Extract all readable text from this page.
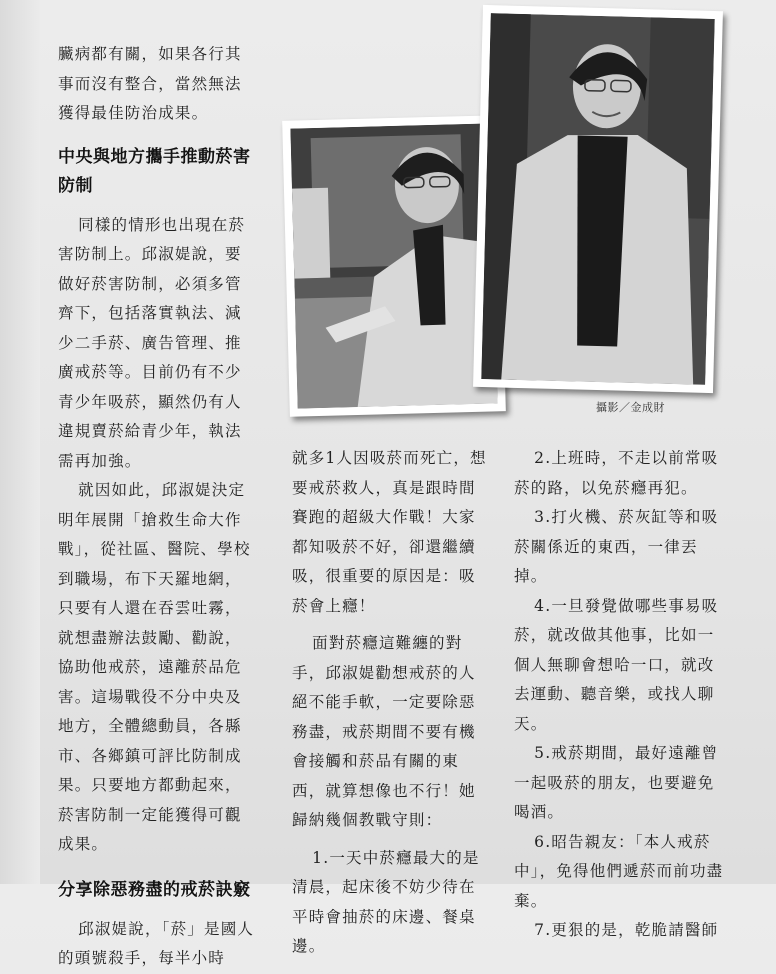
臟病都有關，如果各行其事而沒有整合，當然無法獲得最佳防治成果。

中央與地方攜手推動菸害防制

同樣的情形也出現在菸害防制上。邱淑媞說，要做好菸害防制，必須多管齊下，包括落實執法、減少二手菸、廣告管理、推廣戒菸等。目前仍有不少青少年吸菸，顯然仍有人違規賣菸給青少年，執法需再加強。

就因如此，邱淑媞決定明年展開「搶救生命大作戰」，從社區、醫院、學校到職場，布下天羅地網，只要有人還在吞雲吐霧，就想盡辦法鼓勵、勸說，協助他戒菸，遠離菸品危害。這場戰役不分中央及地方，全體總動員，各縣市、各鄉鎮可評比防制成果。只要地方都動起來，菸害防制一定能獲得可觀成果。

分享除惡務盡的戒菸訣竅

邱淑媞說，「菸」是國人的頭號殺手，每半小時

攝影／金成財

就多1人因吸菸而死亡，想要戒菸救人，真是跟時間賽跑的超級大作戰！大家都知吸菸不好，卻還繼續吸，很重要的原因是：吸菸會上癮！

面對菸癮這難纏的對手，邱淑媞勸想戒菸的人絕不能手軟，一定要除惡務盡，戒菸期間不要有機會接觸和菸品有關的東西，就算想像也不行！她歸納幾個教戰守則：

1.一天中菸癮最大的是清晨，起床後不妨少待在平時會抽菸的床邊、餐桌邊。

2.上班時，不走以前常吸菸的路，以免菸癮再犯。

3.打火機、菸灰缸等和吸菸關係近的東西，一律丟掉。

4.一旦發覺做哪些事易吸菸，就改做其他事，比如一個人無聊會想哈一口，就改去運動、聽音樂，或找人聊天。

5.戒菸期間，最好遠離曾一起吸菸的朋友，也要避免喝酒。

6.昭告親友：「本人戒菸中」，免得他們遞菸而前功盡棄。

7.更狠的是，乾脆請醫師
